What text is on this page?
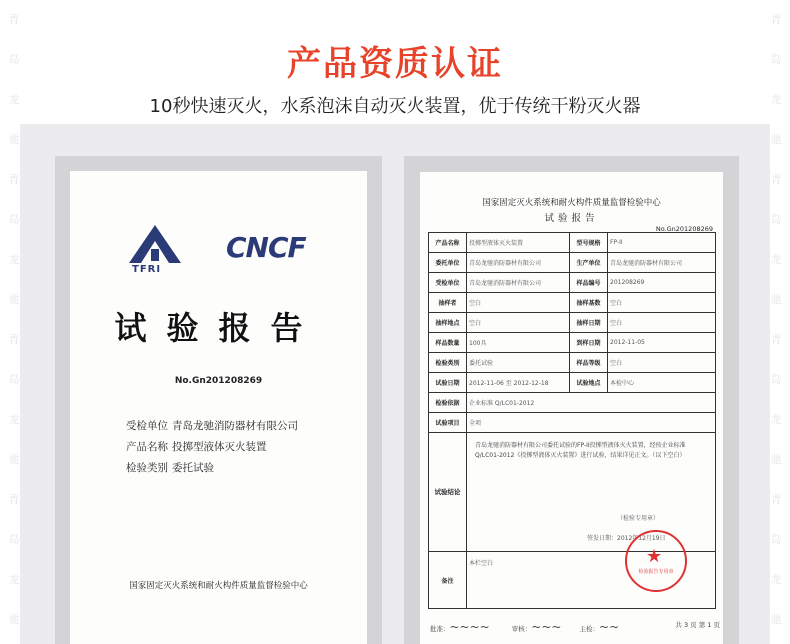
青岛龙驰
青岛龙驰
青岛龙驰
青岛龙驰
青岛龙驰
青岛龙驰
青岛龙驰
青岛龙驰
产品资质认证
10秒快速灭火，水系泡沫自动灭火装置，优于传统干粉灭火器
TFRI
CNCF
试验报告
No.Gn201208269
受检单位 青岛龙驰消防器材有限公司
产品名称 投掷型液体灭火装置
检验类别 委托试验
国家固定灭火系统和耐火构件质量监督检验中心
国家固定灭火系统和耐火构件质量监督检验中心
试验报告
No.Gn201208269
产品名称	投掷型液体灭火装置	型号规格	FP-II
委托单位	青岛龙驰消防器材有限公司	生产单位	青岛龙驰消防器材有限公司
受检单位	青岛龙驰消防器材有限公司	样品编号	201208269
抽样者	空白	抽样基数	空白
抽样地点	空白	抽样日期	空白
样品数量	100具	到样日期	2012-11-05
检验类别	委托试验	样品等级	空白
试验日期	2012-11-06 至 2012-12-18	试验地点	本检中心
检验依据	企业标准 Q/LC01-2012
试验项目	全项
试验结论
青岛龙驰消防器材有限公司委托试验的FP-II投掷型液体灭火装置，经按企业标准 Q/LC01-2012《投掷型液体灭火装置》进行试验，结果详见正文。（以下空白）
（检验专用章）
签发日期：2012年12月19日
备注
本栏空白	★
检验报告专用章
批准：~~~~	审核：~~~	主检：~~	共 3 页 第 1 页
